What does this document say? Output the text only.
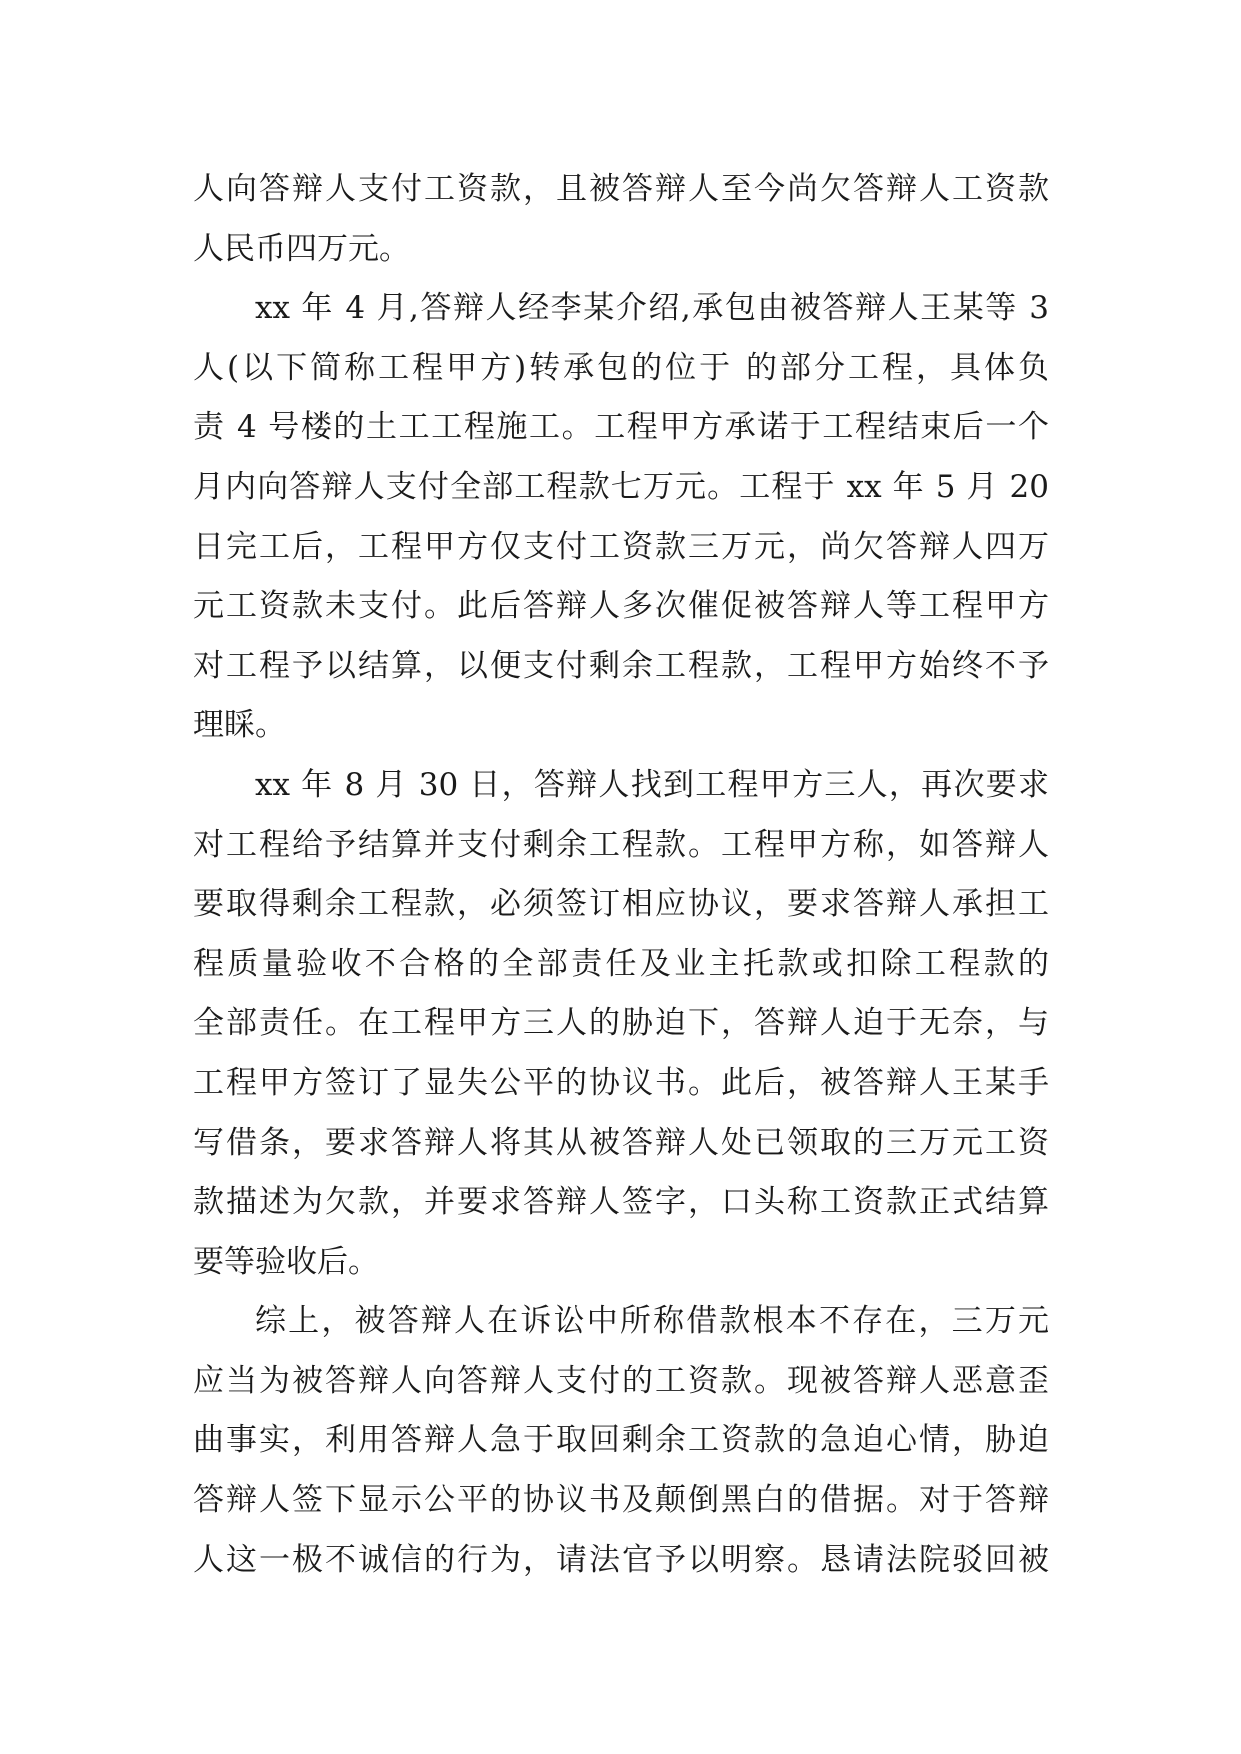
人向答辩人支付工资款，且被答辩人至今尚欠答辩人工资款
人民币四万元。
xx 年 4 月,答辩人经李某介绍,承包由被答辩人王某等 3
人(以下简称工程甲方)转承包的位于 的部分工程，具体负
责 4 号楼的土工工程施工。工程甲方承诺于工程结束后一个
月内向答辩人支付全部工程款七万元。工程于 xx 年 5 月 20
日完工后，工程甲方仅支付工资款三万元，尚欠答辩人四万
元工资款未支付。此后答辩人多次催促被答辩人等工程甲方
对工程予以结算，以便支付剩余工程款，工程甲方始终不予
理睬。
xx 年 8 月 30 日，答辩人找到工程甲方三人，再次要求
对工程给予结算并支付剩余工程款。工程甲方称，如答辩人
要取得剩余工程款，必须签订相应协议，要求答辩人承担工
程质量验收不合格的全部责任及业主托款或扣除工程款的
全部责任。在工程甲方三人的胁迫下，答辩人迫于无奈，与
工程甲方签订了显失公平的协议书。此后，被答辩人王某手
写借条，要求答辩人将其从被答辩人处已领取的三万元工资
款描述为欠款，并要求答辩人签字，口头称工资款正式结算
要等验收后。
综上，被答辩人在诉讼中所称借款根本不存在，三万元
应当为被答辩人向答辩人支付的工资款。现被答辩人恶意歪
曲事实，利用答辩人急于取回剩余工资款的急迫心情，胁迫
答辩人签下显示公平的协议书及颠倒黑白的借据。对于答辩
人这一极不诚信的行为，请法官予以明察。恳请法院驳回被
